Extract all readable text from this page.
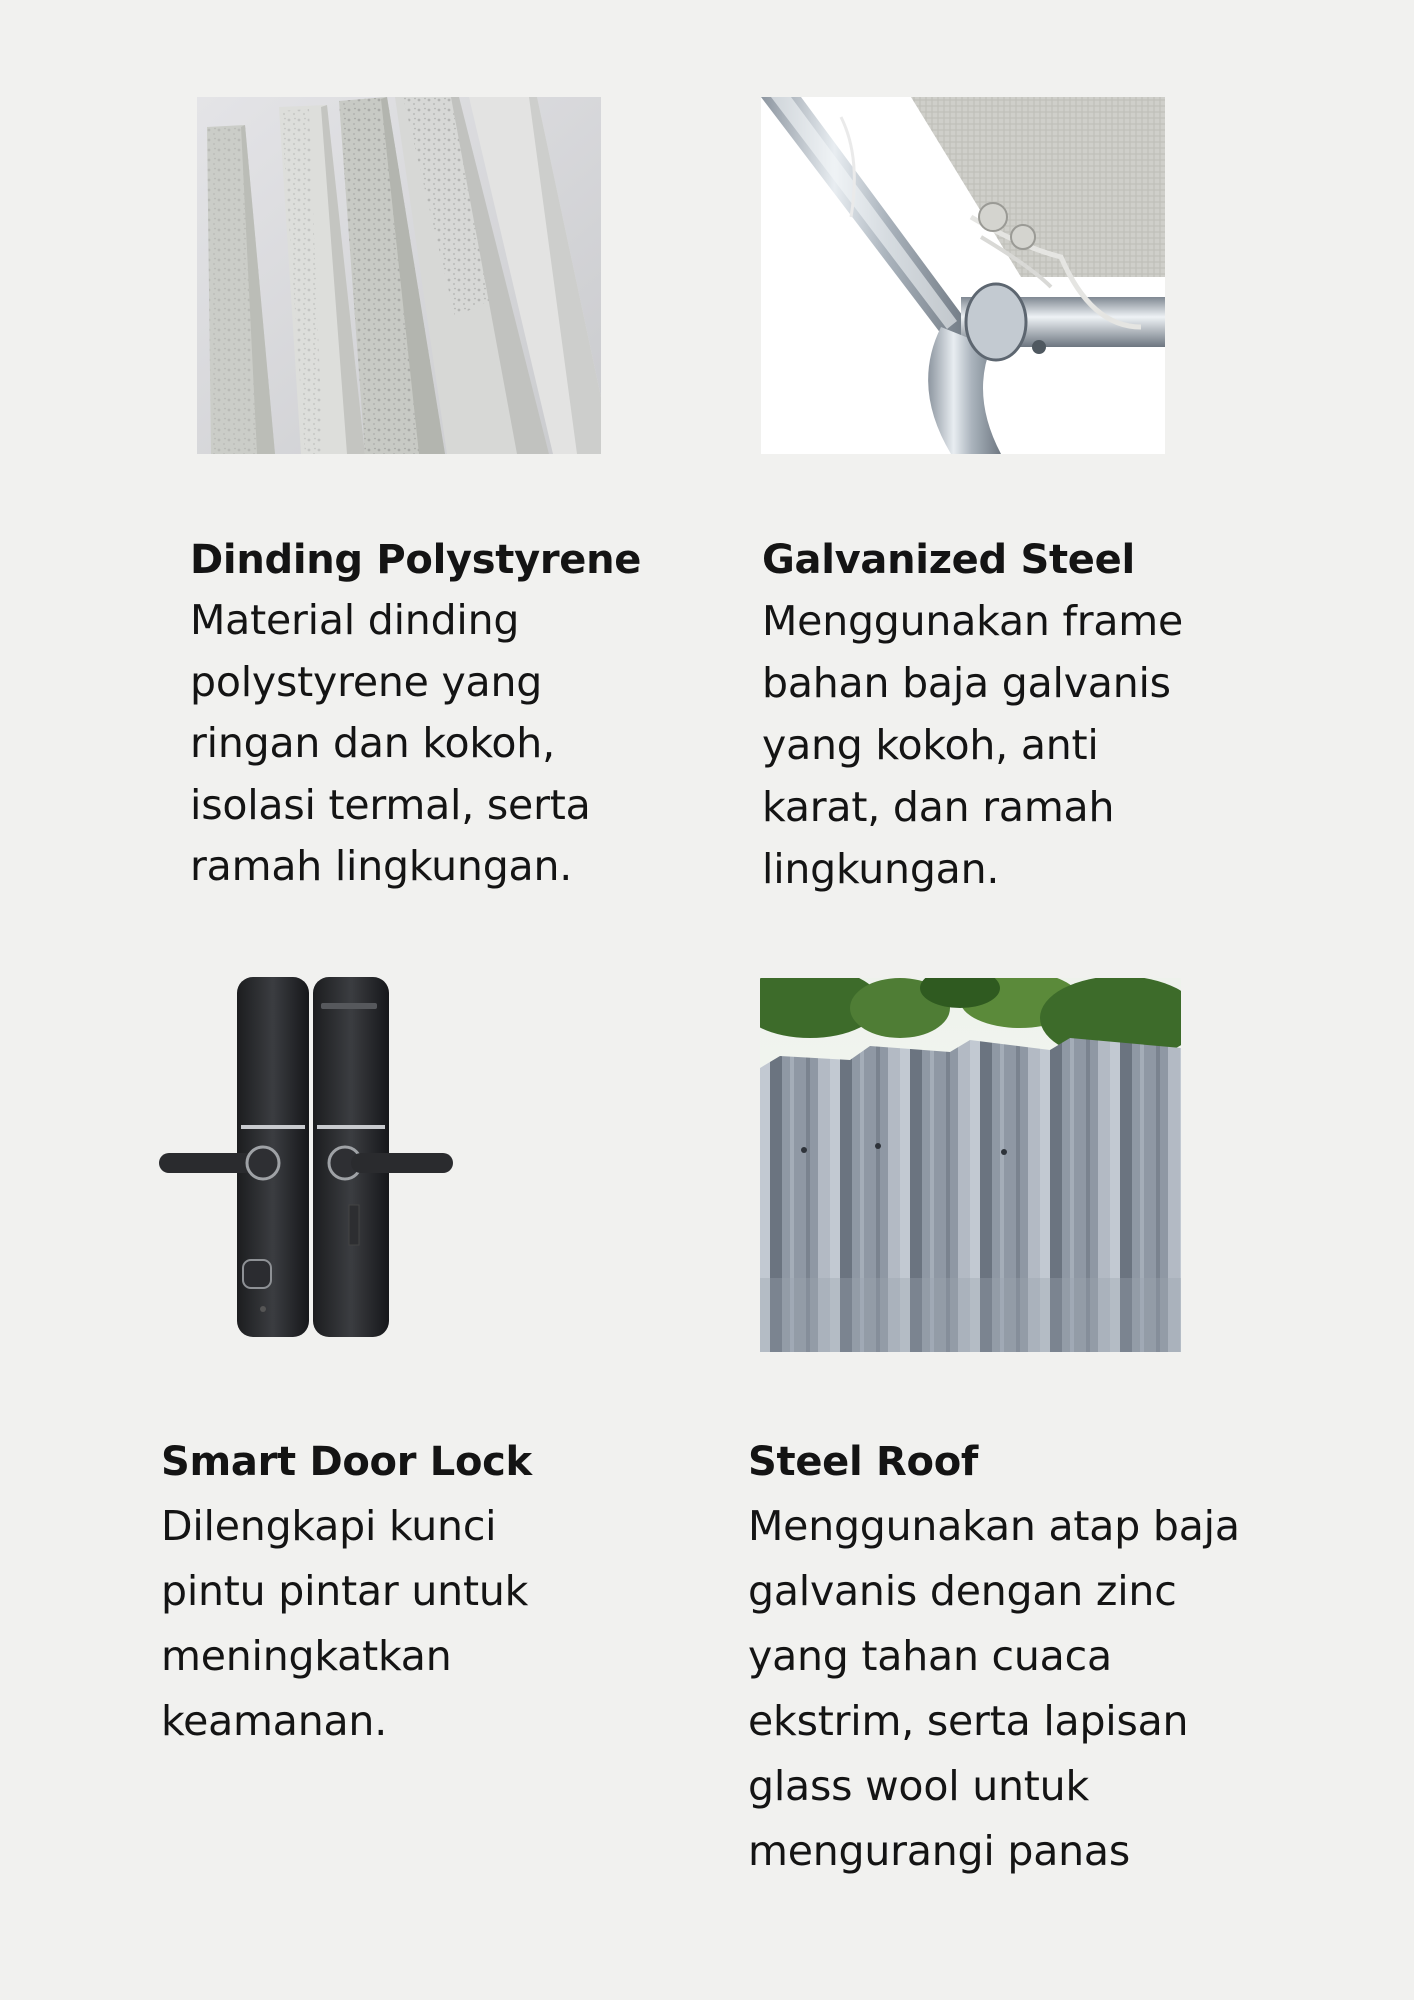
Dinding Polystyrene

Material dinding
polystyrene yang
ringan dan kokoh,
isolasi termal, serta
ramah lingkungan.

Galvanized Steel

Menggunakan frame
bahan baja galvanis
yang kokoh, anti
karat, dan ramah
lingkungan.

Smart Door Lock

Dilengkapi kunci
pintu pintar untuk
meningkatkan
keamanan.

Steel Roof

Menggunakan atap baja
galvanis dengan zinc
yang tahan cuaca
ekstrim, serta lapisan
glass wool untuk
mengurangi panas
